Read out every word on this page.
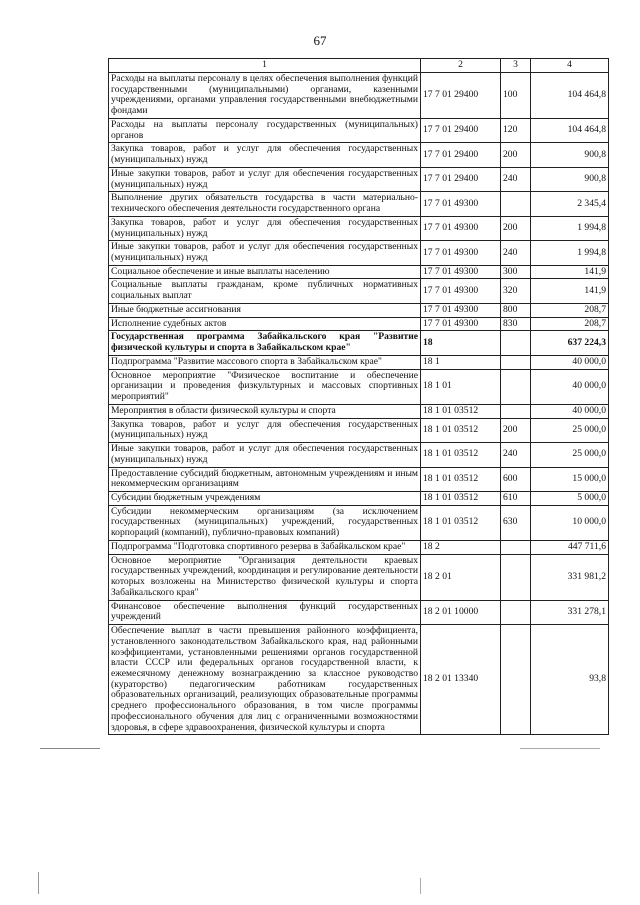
67
1	2	3	4
Расходы на выплаты персоналу в целях обеспечения выполнения функций государственными (муниципальными) органами, казенными учреждениями, органами управления государственными внебюджетными фондами	17 7 01 29400	100	104 464,8
Расходы на выплаты персоналу государственных (муниципальных) органов	17 7 01 29400	120	104 464,8
Закупка товаров, работ и услуг для обеспечения государственных (муниципальных) нужд	17 7 01 29400	200	900,8
Иные закупки товаров, работ и услуг для обеспечения государственных (муниципальных) нужд	17 7 01 29400	240	900,8
Выполнение других обязательств государства в части материально-технического обеспечения деятельности государственного органа	17 7 01 49300		2 345,4
Закупка товаров, работ и услуг для обеспечения государственных (муниципальных) нужд	17 7 01 49300	200	1 994,8
Иные закупки товаров, работ и услуг для обеспечения государственных (муниципальных) нужд	17 7 01 49300	240	1 994,8
Социальное обеспечение и иные выплаты населению	17 7 01 49300	300	141,9
Социальные выплаты гражданам, кроме публичных нормативных социальных выплат	17 7 01 49300	320	141,9
Иные бюджетные ассигнования	17 7 01 49300	800	208,7
Исполнение судебных актов	17 7 01 49300	830	208,7
Государственная программа Забайкальского края "Развитие физической культуры и спорта в Забайкальском крае"	18		637 224,3
Подпрограмма "Развитие массового спорта в Забайкальском крае"	18 1		40 000,0
Основное мероприятие "Физическое воспитание и обеспечение организации и проведения физкультурных и массовых спортивных мероприятий"	18 1 01		40 000,0
Мероприятия в области физической культуры и спорта	18 1 01 03512		40 000,0
Закупка товаров, работ и услуг для обеспечения государственных (муниципальных) нужд	18 1 01 03512	200	25 000,0
Иные закупки товаров, работ и услуг для обеспечения государственных (муниципальных) нужд	18 1 01 03512	240	25 000,0
Предоставление субсидий бюджетным, автономным учреждениям и иным некоммерческим организациям	18 1 01 03512	600	15 000,0
Субсидии бюджетным учреждениям	18 1 01 03512	610	5 000,0
Субсидии некоммерческим организациям (за исключением государственных (муниципальных) учреждений, государственных корпораций (компаний), публично-правовых компаний)	18 1 01 03512	630	10 000,0
Подпрограмма "Подготовка спортивного резерва в Забайкальском крае"	18 2		447 711,6
Основное мероприятие "Организация деятельности краевых государственных учреждений, координация и регулирование деятельности которых возложены на Министерство физической культуры и спорта Забайкальского края"	18 2 01		331 981,2
Финансовое обеспечение выполнения функций государственных учреждений	18 2 01 10000		331 278,1
Обеспечение выплат в части превышения районного коэффициента, установленного законодательством Забайкальского края, над районными коэффициентами, установленными решениями органов государственной власти СССР или федеральных органов государственной власти, к ежемесячному денежному вознаграждению за классное руководство (кураторство) педагогическим работникам государственных образовательных организаций, реализующих образовательные программы среднего профессионального образования, в том числе программы профессионального обучения для лиц с ограниченными возможностями здоровья, в сфере здравоохранения, физической культуры и спорта	18 2 01 13340		93,8
